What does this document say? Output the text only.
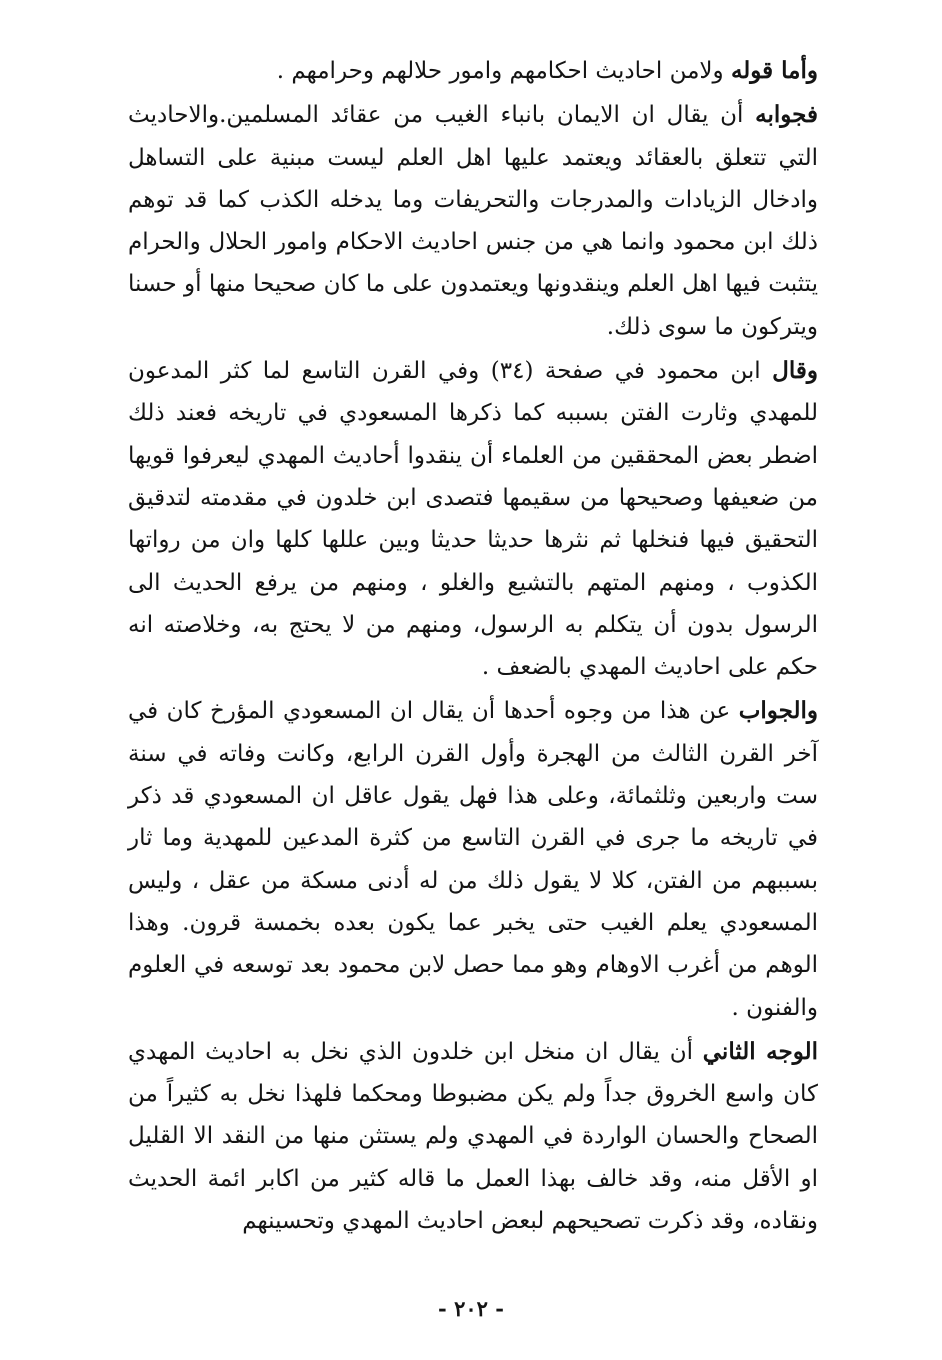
وأما قوله ولامن احاديث احكامهم وامور حلالهم وحرامهم .

فجوابه أن يقال ان الايمان بانباء الغيب من عقائد المسلمين.والاحاديث التي تتعلق بالعقائد ويعتمد عليها اهل العلم ليست مبنية على التساهل وادخال الزيادات والمدرجات والتحريفات وما يدخله الكذب كما قد توهم ذلك ابن محمود وانما هي من جنس احاديث الاحكام وامور الحلال والحرام يتثبت فيها اهل العلم وينقدونها ويعتمدون على ما كان صحيحا منها أو حسنا ويتركون ما سوى ذلك.

وقال ابن محمود في صفحة (٣٤) وفي القرن التاسع لما كثر المدعون للمهدي وثارت الفتن بسببه كما ذكرها المسعودي في تاريخه فعند ذلك اضطر بعض المحققين من العلماء أن ينقدوا أحاديث المهدي ليعرفوا قويها من ضعيفها وصحيحها من سقيمها فتصدى ابن خلدون في مقدمته لتدقيق التحقيق فيها فنخلها ثم نثرها حديثا حديثا وبين عللها كلها وان من رواتها الكذوب ، ومنهم المتهم بالتشيع والغلو ، ومنهم من يرفع الحديث الى الرسول بدون أن يتكلم به الرسول، ومنهم من لا يحتج به، وخلاصته انه حكم على احاديث المهدي بالضعف .

والجواب عن هذا من وجوه أحدها أن يقال ان المسعودي المؤرخ كان في آخر القرن الثالث من الهجرة وأول القرن الرابع، وكانت وفاته في سنة ست واربعين وثلثمائة، وعلى هذا فهل يقول عاقل ان المسعودي قد ذكر في تاريخه ما جرى في القرن التاسع من كثرة المدعين للمهدية وما ثار بسببهم من الفتن، كلا لا يقول ذلك من له أدنى مسكة من عقل ، وليس المسعودي يعلم الغيب حتى يخبر عما يكون بعده بخمسة قرون. وهذا الوهم من أغرب الاوهام وهو مما حصل لابن محمود بعد توسعه في العلوم والفنون .

الوجه الثاني أن يقال ان منخل ابن خلدون الذي نخل به احاديث المهدي كان واسع الخروق جداً ولم يكن مضبوطا ومحكما فلهذا نخل به كثيراً من الصحاح والحسان الواردة في المهدي ولم يستثن منها من النقد الا القليل او الأقل منه، وقد خالف بهذا العمل ما قاله كثير من اكابر ائمة الحديث ونقاده، وقد ذكرت تصحيحهم لبعض احاديث المهدي وتحسينهم

- ٢٠٢ -
